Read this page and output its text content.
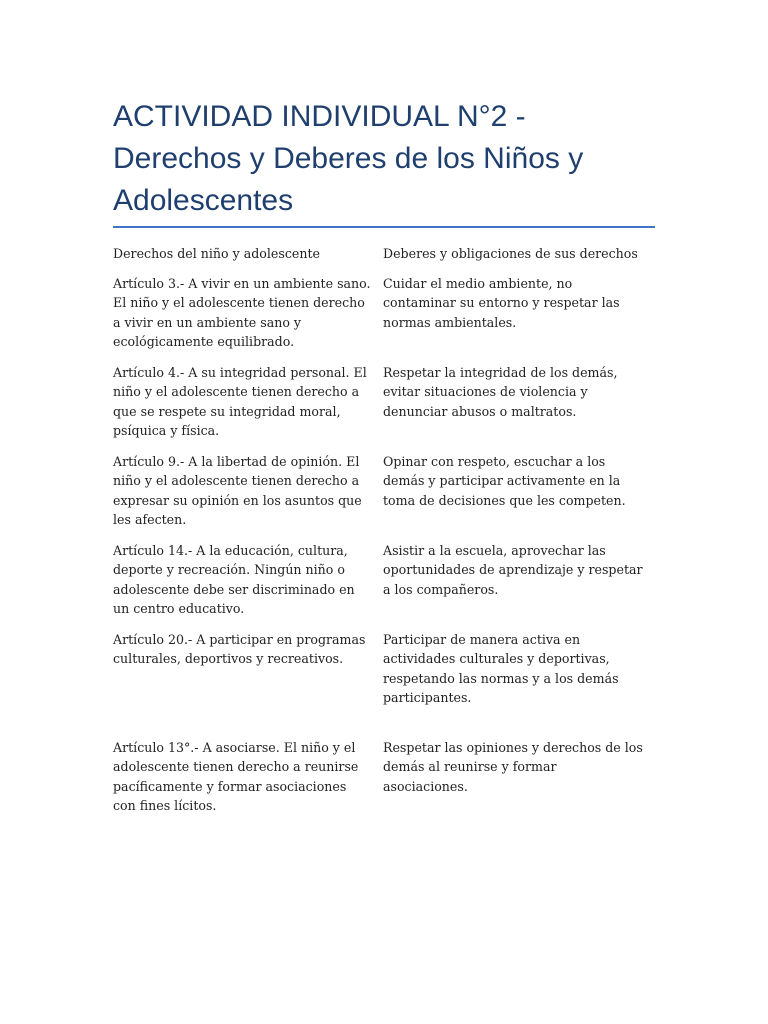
ACTIVIDAD INDIVIDUAL N°2 - Derechos y Deberes de los Niños y Adolescentes
Derechos del niño y adolescente	Deberes y obligaciones de sus derechos
Artículo 3.- A vivir en un ambiente sano. El niño y el adolescente tienen derecho a vivir en un ambiente sano y ecológicamente equilibrado.
Cuidar el medio ambiente, no contaminar su entorno y respetar las normas ambientales.
Artículo 4.- A su integridad personal. El niño y el adolescente tienen derecho a que se respete su integridad moral, psíquica y física.
Respetar la integridad de los demás, evitar situaciones de violencia y denunciar abusos o maltratos.
Artículo 9.- A la libertad de opinión. El niño y el adolescente tienen derecho a expresar su opinión en los asuntos que les afecten.
Opinar con respeto, escuchar a los demás y participar activamente en la toma de decisiones que les competen.
Artículo 14.- A la educación, cultura, deporte y recreación. Ningún niño o adolescente debe ser discriminado en un centro educativo.
Asistir a la escuela, aprovechar las oportunidades de aprendizaje y respetar a los compañeros.
Artículo 20.- A participar en programas culturales, deportivos y recreativos.
Participar de manera activa en actividades culturales y deportivas, respetando las normas y a los demás participantes.
Artículo 13°.- A asociarse. El niño y el adolescente tienen derecho a reunirse pacíficamente y formar asociaciones con fines lícitos.
Respetar las opiniones y derechos de los demás al reunirse y formar asociaciones.
